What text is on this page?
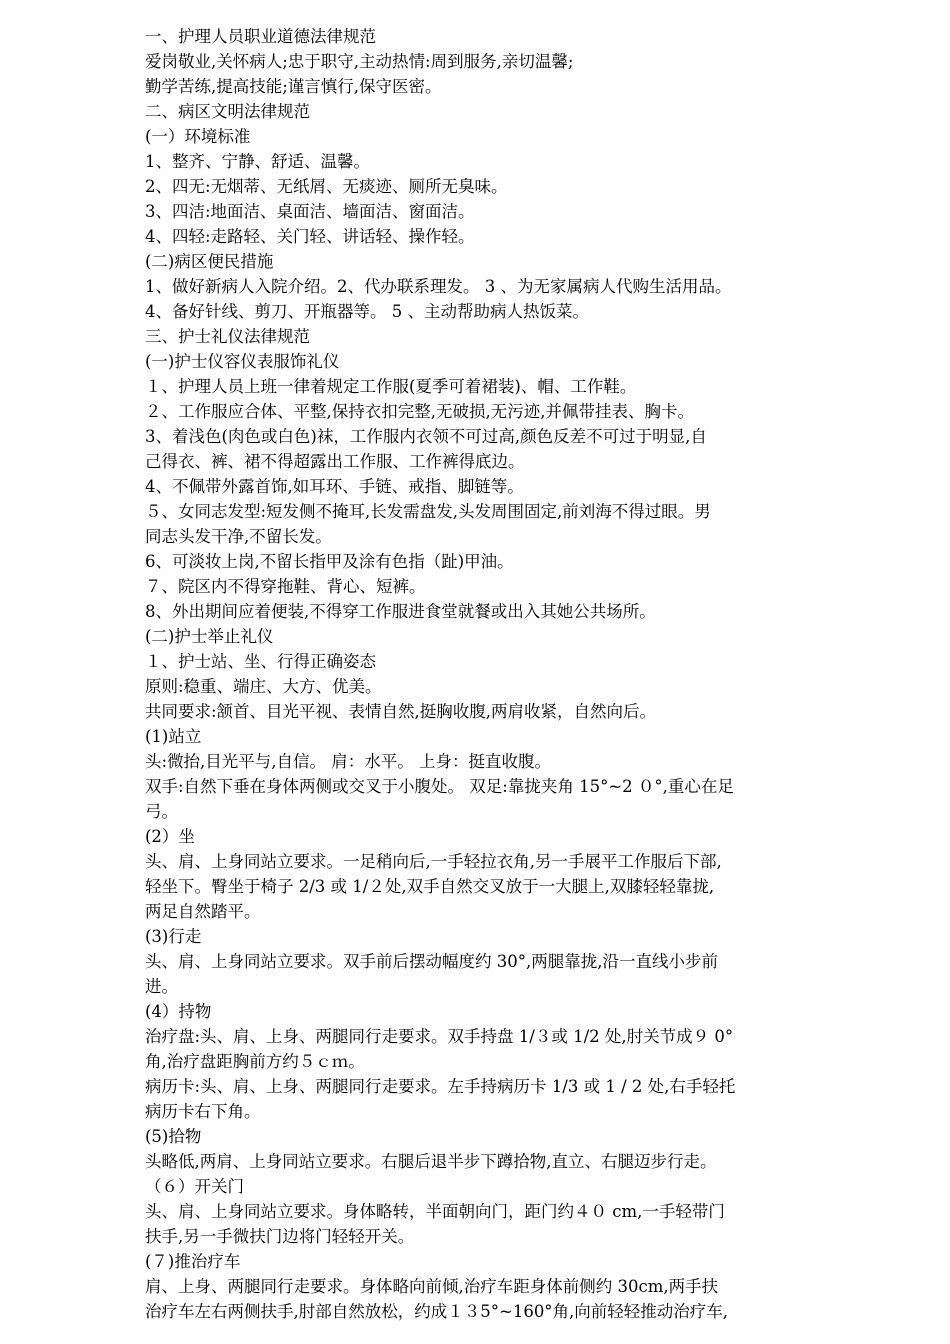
一、护理人员职业道德法律规范
爱岗敬业,关怀病人;忠于职守,主动热情:周到服务,亲切温馨;
勤学苦练,提高技能;谨言慎行,保守医密。
二、病区文明法律规范
(一）环境标准
1、整齐、宁静、舒适、温馨。
2、四无:无烟蒂、无纸屑、无痰迹、厕所无臭味。
3、四洁:地面洁、桌面洁、墙面洁、窗面洁。
4、四轻:走路轻、关门轻、讲话轻、操作轻。
(二)病区便民措施
1、做好新病人入院介绍。2、代办联系理发。 3 、为无家属病人代购生活用品。
4、备好针线、剪刀、开瓶器等。 5 、主动帮助病人热饭菜。
三、护士礼仪法律规范
(一)护士仪容仪表服饰礼仪
１、护理人员上班一律着规定工作服(夏季可着裙装)、帽、工作鞋。
２、工作服应合体、平整,保持衣扣完整,无破损,无污迹,并佩带挂表、胸卡。
3、着浅色(肉色或白色)袜，工作服内衣领不可过高,颜色反差不可过于明显,自
己得衣、裤、裙不得超露出工作服、工作裤得底边。
4、不佩带外露首饰,如耳环、手链、戒指、脚链等。
５、女同志发型:短发侧不掩耳,长发需盘发,头发周围固定,前刘海不得过眼。男
同志头发干净,不留长发。
6、可淡妆上岗,不留长指甲及涂有色指（趾)甲油。
７、院区内不得穿拖鞋、背心、短裤。
8、外出期间应着便装,不得穿工作服进食堂就餐或出入其她公共场所。
(二)护士举止礼仪
１、护士站、坐、行得正确姿态
原则:稳重、端庄、大方、优美。
共同要求:颔首、目光平视、表情自然,挺胸收腹,两肩收紧，自然向后。
(1)站立
头:微抬,目光平与,自信。 肩：水平。 上身：挺直收腹。
双手:自然下垂在身体两侧或交叉于小腹处。 双足:靠拢夹角 15°~2 ０°,重心在足
弓。
(2）坐
头、肩、上身同站立要求。一足稍向后,一手轻拉衣角,另一手展平工作服后下部,
轻坐下。臀坐于椅子 2/3 或 1/２处,双手自然交叉放于一大腿上,双膝轻轻靠拢,
两足自然踏平。
(3)行走
头、肩、上身同站立要求。双手前后摆动幅度约 30°,两腿靠拢,沿一直线小步前
进。
(4）持物
治疗盘:头、肩、上身、两腿同行走要求。双手持盘 1/３或 1/2 处,肘关节成９ 0°
角,治疗盘距胸前方约５ｃｍ。
病历卡:头、肩、上身、两腿同行走要求。左手持病历卡 1/3 或 1 / 2 处,右手轻托
病历卡右下角。
(5)拾物
头略低,两肩、上身同站立要求。右腿后退半步下蹲拾物,直立、右腿迈步行走。
（６）开关门
头、肩、上身同站立要求。身体略转，半面朝向门，距门约４０ cm,一手轻带门
扶手,另一手微扶门边将门轻轻开关。
(７)推治疗车
肩、上身、两腿同行走要求。身体略向前倾,治疗车距身体前侧约 30cm,两手扶
治疗车左右两侧扶手,肘部自然放松，约成１３5°~160°角,向前轻轻推动治疗车,
